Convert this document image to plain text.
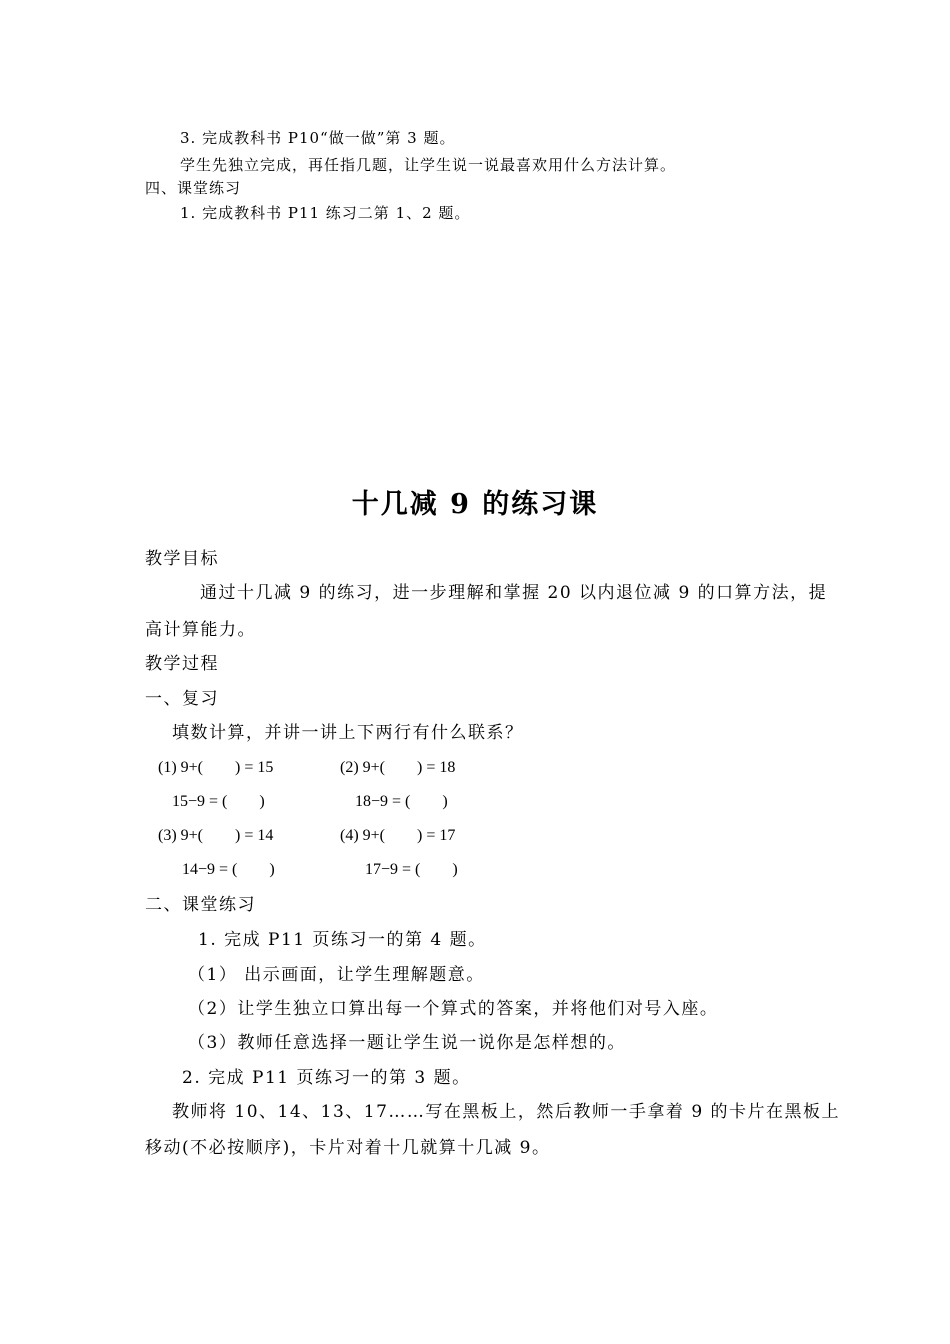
3. 完成教科书 P10“做一做”第 3 题。
学生先独立完成，再任指几题，让学生说一说最喜欢用什么方法计算。
四、课堂练习
1. 完成教科书 P11 练习二第 1、2 题。
十几减 9 的练习课
教学目标
通过十几减 9 的练习，进一步理解和掌握 20 以内退位减 9 的口算方法，提
高计算能力。
教学过程
一、复习
填数计算，并讲一讲上下两行有什么联系？
(1) 9+(　　) = 15	(2) 9+(　　) = 18
15−9 = (　　)	18−9 = (　　)
(3) 9+(　　) = 14	(4) 9+(　　) = 17
14−9 = (　　)	17−9 = (　　)
二、课堂练习
1. 完成 P11 页练习一的第 4 题。
（1） 出示画面，让学生理解题意。
（2）让学生独立口算出每一个算式的答案，并将他们对号入座。
（3）教师任意选择一题让学生说一说你是怎样想的。
2. 完成 P11 页练习一的第 3 题。
教师将 10、14、13、17……写在黑板上，然后教师一手拿着 9 的卡片在黑板上
移动(不必按顺序)，卡片对着十几就算十几减 9。
